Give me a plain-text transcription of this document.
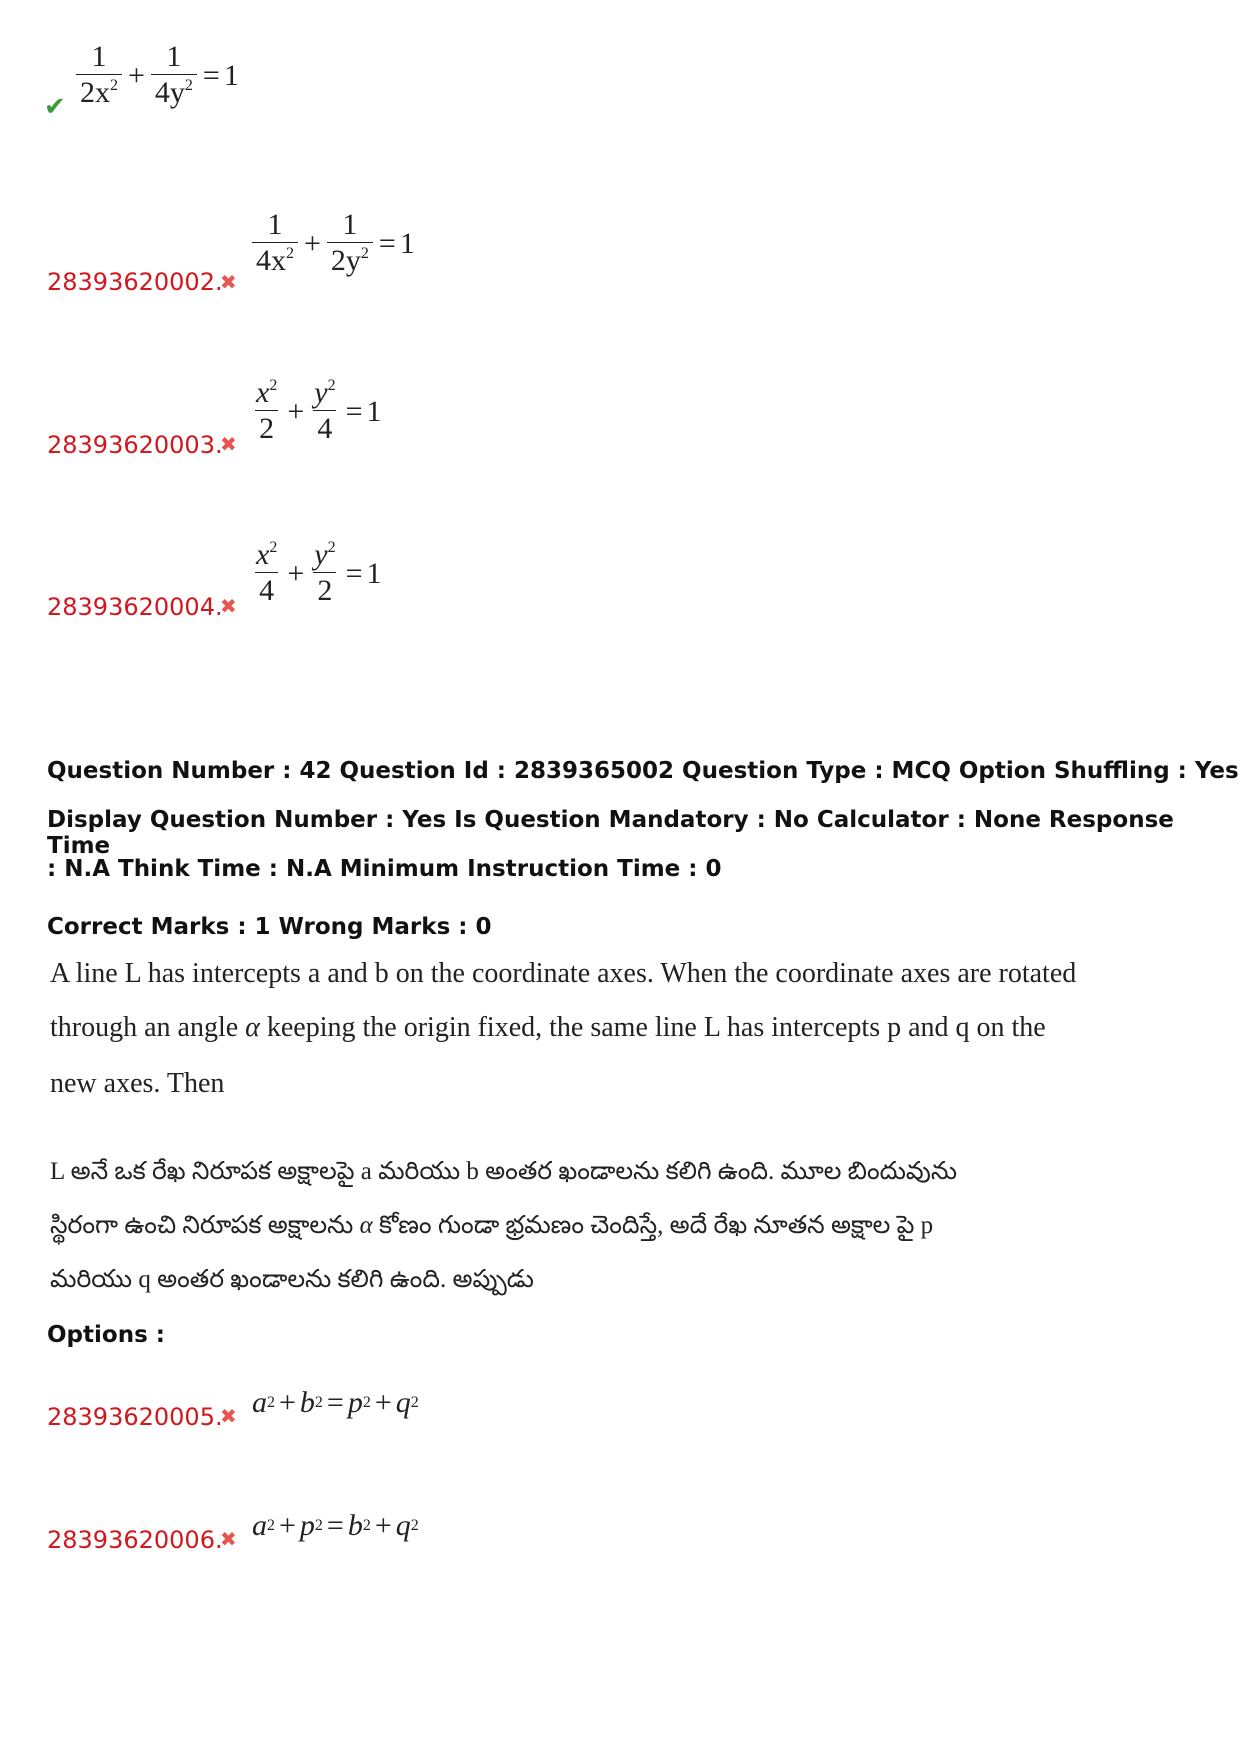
✔ $\frac{1}{2x^2} + \frac{1}{4y^2} = 1$
28393620002.
✖
$\frac{1}{4x^2} + \frac{1}{2y^2} = 1$
28393620003.
✖ $\frac{x^2}{2} + \frac{y^2}{4} = 1$
28393620004.
✖ $\frac{x^2}{4} + \frac{y^2}{2} = 1$
Question Number : 42 Question Id : 2839365002 Question Type : MCQ Option Shuffling : Yes
Display Question Number : Yes Is Question Mandatory : No Calculator : None Response Time
: N.A Think Time : N.A Minimum Instruction Time : 0
Correct Marks : 1 Wrong Marks : 0
A line L has intercepts a and b on the coordinate axes. When the coordinate axes are rotated
through an angle α keeping the origin fixed, the same line L has intercepts p and q on the
new axes. Then
L అనే ఒక రేఖ నిరూపక అక్షాలపై a మరియు b అంతర ఖండాలను కలిగి ఉంది. మూల బిందువును
స్థిరంగా ఉంచి నిరూపక అక్షాలను α కోణం గుండా భ్రమణం చెందిస్తే, అదే రేఖ నూతన అక్షాల పై p
మరియు q అంతర ఖండాలను కలిగి ఉంది. అప్పుడు
Options :
28393620005.
✖ a 2 + b 2 = p 2 + q 2
28393620006.
✖ a 2 + p 2 = b 2 + q 2
